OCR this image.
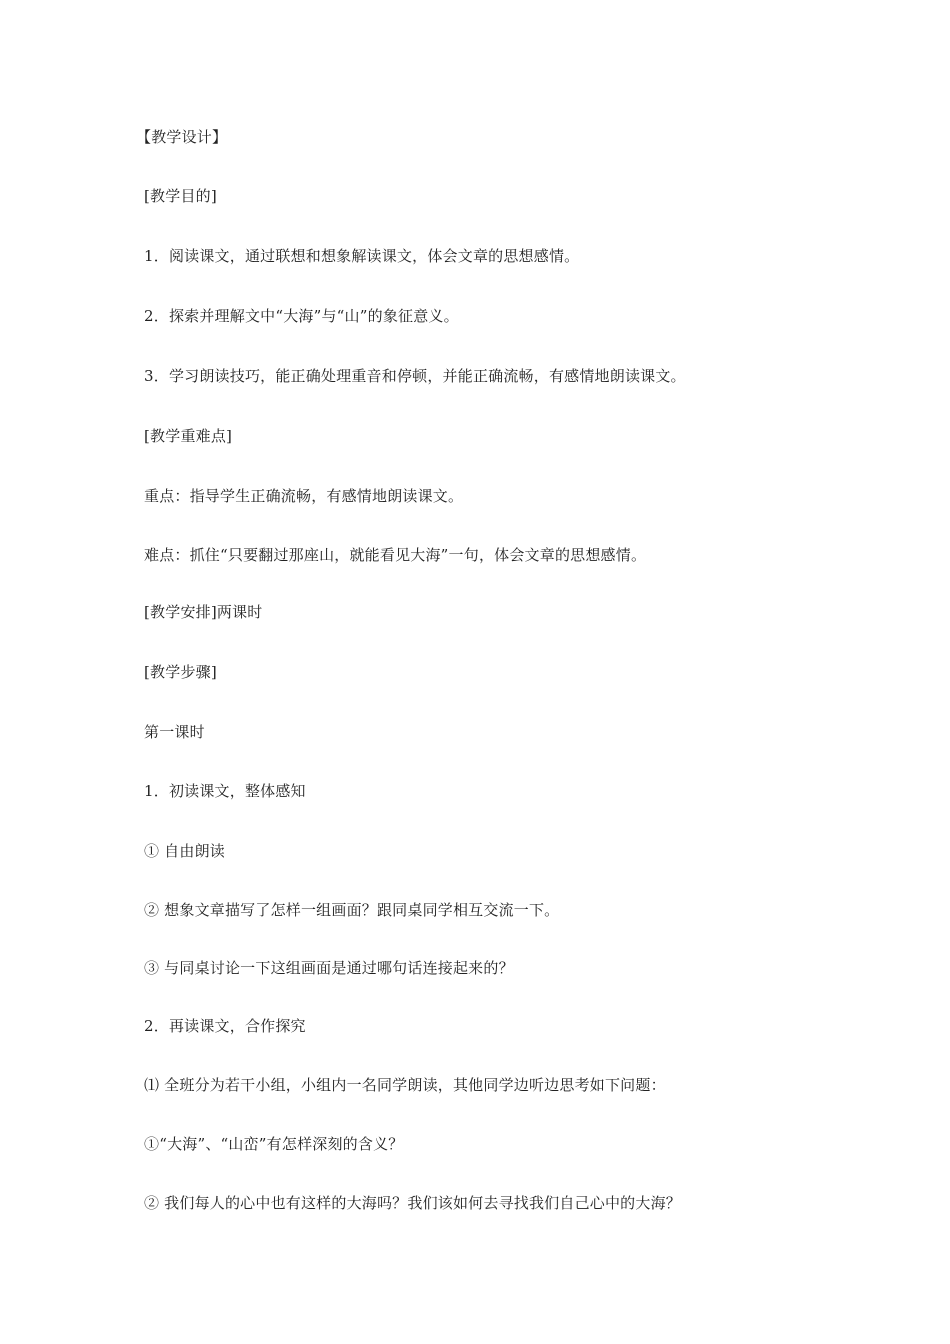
【教学设计】
[教学目的]
1．阅读课文，通过联想和想象解读课文，体会文章的思想感情。
2．探索并理解文中“大海”与“山”的象征意义。
3．学习朗读技巧，能正确处理重音和停顿，并能正确流畅，有感情地朗读课文。
[教学重难点]
重点：指导学生正确流畅，有感情地朗读课文。
难点：抓住“只要翻过那座山，就能看见大海”一句，体会文章的思想感情。
[教学安排]两课时
[教学步骤]
第一课时
1．初读课文，整体感知
① 自由朗读
② 想象文章描写了怎样一组画面？跟同桌同学相互交流一下。
③ 与同桌讨论一下这组画面是通过哪句话连接起来的？
2．再读课文，合作探究
⑴ 全班分为若干小组，小组内一名同学朗读，其他同学边听边思考如下问题：
①“大海”、“山峦”有怎样深刻的含义？
② 我们每人的心中也有这样的大海吗？我们该如何去寻找我们自己心中的大海？
